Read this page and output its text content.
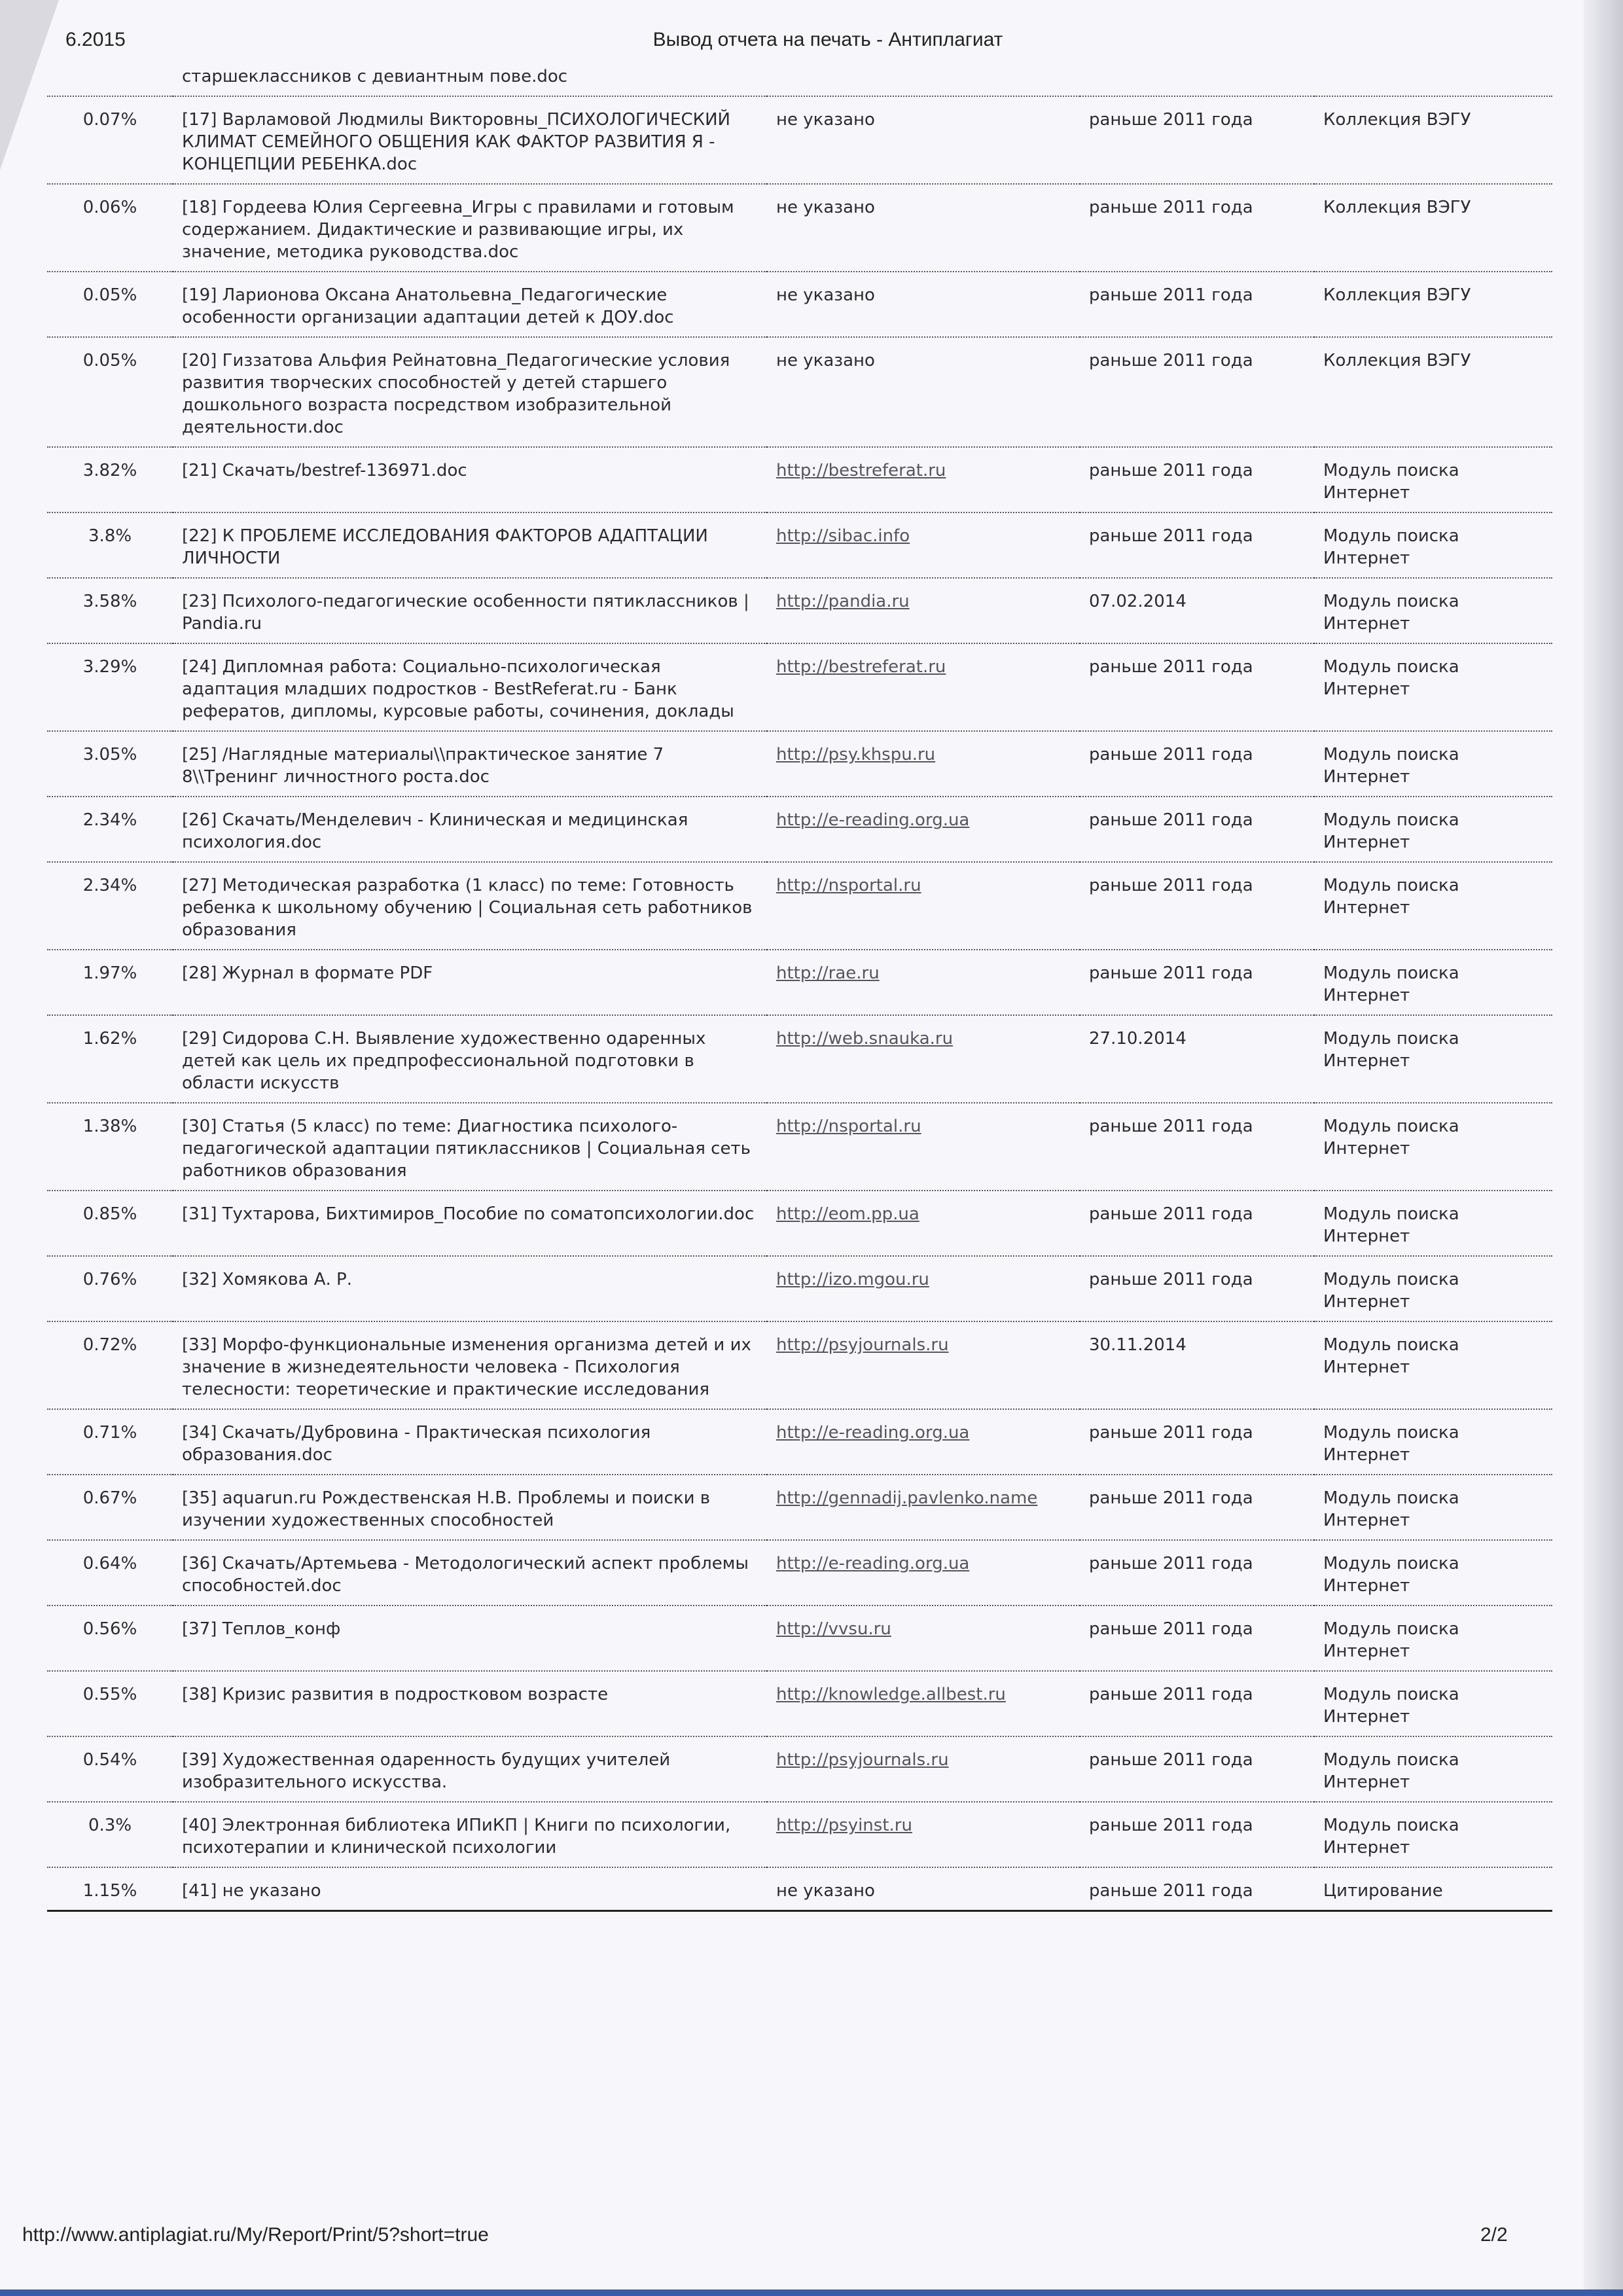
6.2015	Вывод отчета на печать - Антиплагиат
	старшеклассников с девиантным пове.doc			
0.07%	[17] Варламовой Людмилы Викторовны_ПСИХОЛОГИЧЕСКИЙ КЛИМАТ СЕМЕЙНОГО ОБЩЕНИЯ КАК ФАКТОР РАЗВИТИЯ Я - КОНЦЕПЦИИ РЕБЕНКА.doc	не указано	раньше 2011 года	Коллекция ВЭГУ
0.06%	[18] Гордеева Юлия Сергеевна_Игры с правилами и готовым содержанием. Дидактические и развивающие игры, их значение, методика руководства.doc	не указано	раньше 2011 года	Коллекция ВЭГУ
0.05%	[19] Ларионова Оксана Анатольевна_Педагогические особенности организации адаптации детей к ДОУ.doc	не указано	раньше 2011 года	Коллекция ВЭГУ
0.05%	[20] Гиззатова Альфия Рейнатовна_Педагогические условия развития творческих способностей у детей старшего дошкольного возраста посредством изобразительной деятельности.doc	не указано	раньше 2011 года	Коллекция ВЭГУ
3.82%	[21] Скачать/bestref-136971.doc	http://bestreferat.ru	раньше 2011 года	Модуль поиска Интернет
3.8%	[22] К ПРОБЛЕМЕ ИССЛЕДОВАНИЯ ФАКТОРОВ АДАПТАЦИИ ЛИЧНОСТИ	http://sibac.info	раньше 2011 года	Модуль поиска Интернет
3.58%	[23] Психолого-педагогические особенности пятиклассников | Pandia.ru	http://pandia.ru	07.02.2014	Модуль поиска Интернет
3.29%	[24] Дипломная работа: Социально-психологическая адаптация младших подростков - BestReferat.ru - Банк рефератов, дипломы, курсовые работы, сочинения, доклады	http://bestreferat.ru	раньше 2011 года	Модуль поиска Интернет
3.05%	[25] /Наглядные материалы\\практическое занятие 7 8\\Тренинг личностного роста.doc	http://psy.khspu.ru	раньше 2011 года	Модуль поиска Интернет
2.34%	[26] Скачать/Менделевич - Клиническая и медицинская психология.doc	http://e-reading.org.ua	раньше 2011 года	Модуль поиска Интернет
2.34%	[27] Методическая разработка (1 класс) по теме: Готовность ребенка к школьному обучению | Социальная сеть работников образования	http://nsportal.ru	раньше 2011 года	Модуль поиска Интернет
1.97%	[28] Журнал в формате PDF	http://rae.ru	раньше 2011 года	Модуль поиска Интернет
1.62%	[29] Сидорова С.Н. Выявление художественно одаренных детей как цель их предпрофессиональной подготовки в области искусств	http://web.snauka.ru	27.10.2014	Модуль поиска Интернет
1.38%	[30] Статья (5 класс) по теме: Диагностика психолого-педагогической адаптации пятиклассников | Социальная сеть работников образования	http://nsportal.ru	раньше 2011 года	Модуль поиска Интернет
0.85%	[31] Тухтарова, Бихтимиров_Пособие по соматопсихологии.doc	http://eom.pp.ua	раньше 2011 года	Модуль поиска Интернет
0.76%	[32] Хомякова А. Р.	http://izo.mgou.ru	раньше 2011 года	Модуль поиска Интернет
0.72%	[33] Морфо-функциональные изменения организма детей и их значение в жизнедеятельности человека - Психология телесности: теоретические и практические исследования	http://psyjournals.ru	30.11.2014	Модуль поиска Интернет
0.71%	[34] Скачать/Дубровина - Практическая психология образования.doc	http://e-reading.org.ua	раньше 2011 года	Модуль поиска Интернет
0.67%	[35] aquarun.ru Рождественская Н.В. Проблемы и поиски в изучении художественных способностей	http://gennadij.pavlenko.name	раньше 2011 года	Модуль поиска Интернет
0.64%	[36] Скачать/Артемьева - Методологический аспект проблемы способностей.doc	http://e-reading.org.ua	раньше 2011 года	Модуль поиска Интернет
0.56%	[37] Теплов_конф	http://vvsu.ru	раньше 2011 года	Модуль поиска Интернет
0.55%	[38] Кризис развития в подростковом возрасте	http://knowledge.allbest.ru	раньше 2011 года	Модуль поиска Интернет
0.54%	[39] Художественная одаренность будущих учителей изобразительного искусства.	http://psyjournals.ru	раньше 2011 года	Модуль поиска Интернет
0.3%	[40] Электронная библиотека ИПиКП | Книги по психологии, психотерапии и клинической психологии	http://psyinst.ru	раньше 2011 года	Модуль поиска Интернет
1.15%	[41] не указано	не указано	раньше 2011 года	Цитирование
http://www.antiplagiat.ru/My/Report/Print/5?short=true	2/2
